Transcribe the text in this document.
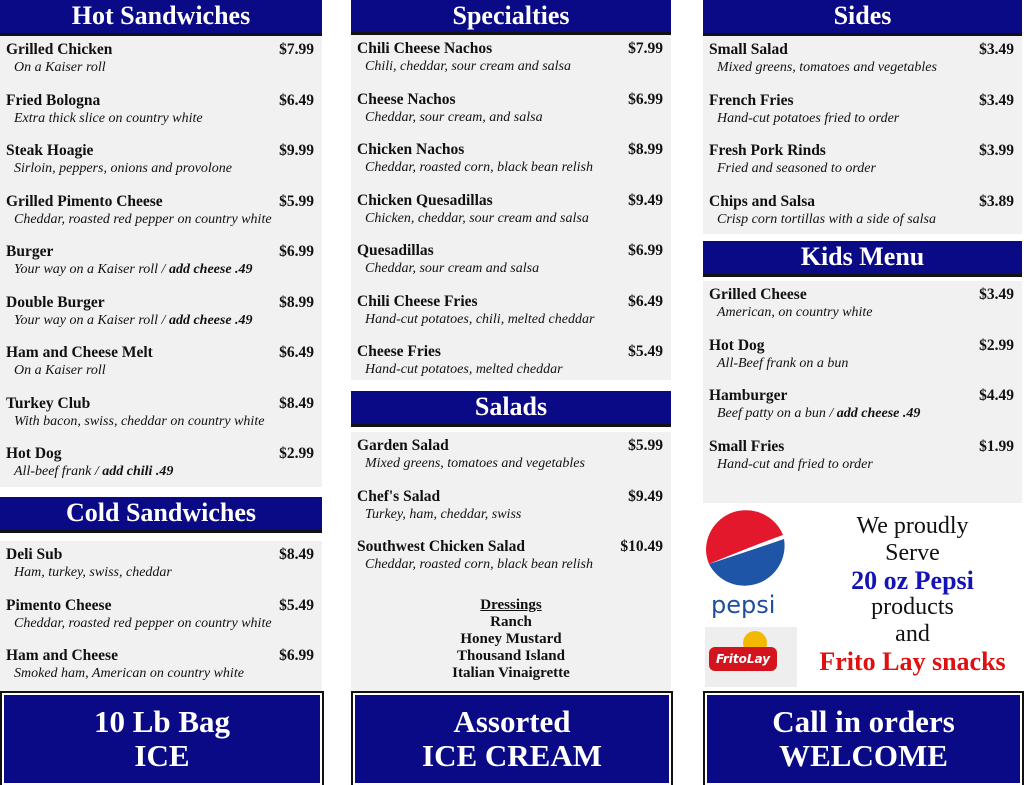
Hot Sandwiches
Grilled Chicken	$7.99
On a Kaiser roll
Fried Bologna	$6.49
Extra thick slice on country white
Steak Hoagie	$9.99
Sirloin, peppers, onions and provolone
Grilled Pimento Cheese	$5.99
Cheddar, roasted red pepper on country white
Burger	$6.99
Your way on a Kaiser roll / add cheese .49
Double Burger	$8.99
Your way on a Kaiser roll / add cheese .49
Ham and Cheese Melt	$6.49
On a Kaiser roll
Turkey Club	$8.49
With bacon, swiss, cheddar on country white
Hot Dog	$2.99
All-beef frank / add chili .49
Cold Sandwiches
Deli Sub	$8.49
Ham, turkey, swiss, cheddar
Pimento Cheese	$5.49
Cheddar, roasted red pepper on country white
Ham and Cheese	$6.99
Smoked ham, American on country white
Specialties
Chili Cheese Nachos	$7.99
Chili, cheddar, sour cream and salsa
Cheese Nachos	$6.99
Cheddar, sour cream, and salsa
Chicken Nachos	$8.99
Cheddar, roasted corn, black bean relish
Chicken Quesadillas	$9.49
Chicken, cheddar, sour cream and salsa
Quesadillas	$6.99
Cheddar, sour cream and salsa
Chili Cheese Fries	$6.49
Hand-cut potatoes, chili, melted cheddar
Cheese Fries	$5.49
Hand-cut potatoes, melted cheddar
Salads
Garden Salad	$5.99
Mixed greens, tomatoes and vegetables
Chef's Salad	$9.49
Turkey, ham, cheddar, swiss
Southwest Chicken Salad	$10.49
Cheddar, roasted corn, black bean relish
Dressings
Ranch
Honey Mustard
Thousand Island
Italian Vinaigrette
Sides
Small Salad	$3.49
Mixed greens, tomatoes and vegetables
French Fries	$3.49
Hand-cut potatoes fried to order
Fresh Pork Rinds	$3.99
Fried and seasoned to order
Chips and Salsa	$3.89
Crisp corn tortillas with a side of salsa
Kids Menu
Grilled Cheese	$3.49
American, on country white
Hot Dog	$2.99
All-Beef frank on a bun
Hamburger	$4.49
Beef patty on a bun / add cheese .49
Small Fries	$1.99
Hand-cut and fried to order
pepsi
FritoLay
We proudly
Serve
20 oz Pepsi
products
and
Frito Lay snacks
10 Lb Bag
ICE
Assorted
ICE CREAM
Call in orders
WELCOME
